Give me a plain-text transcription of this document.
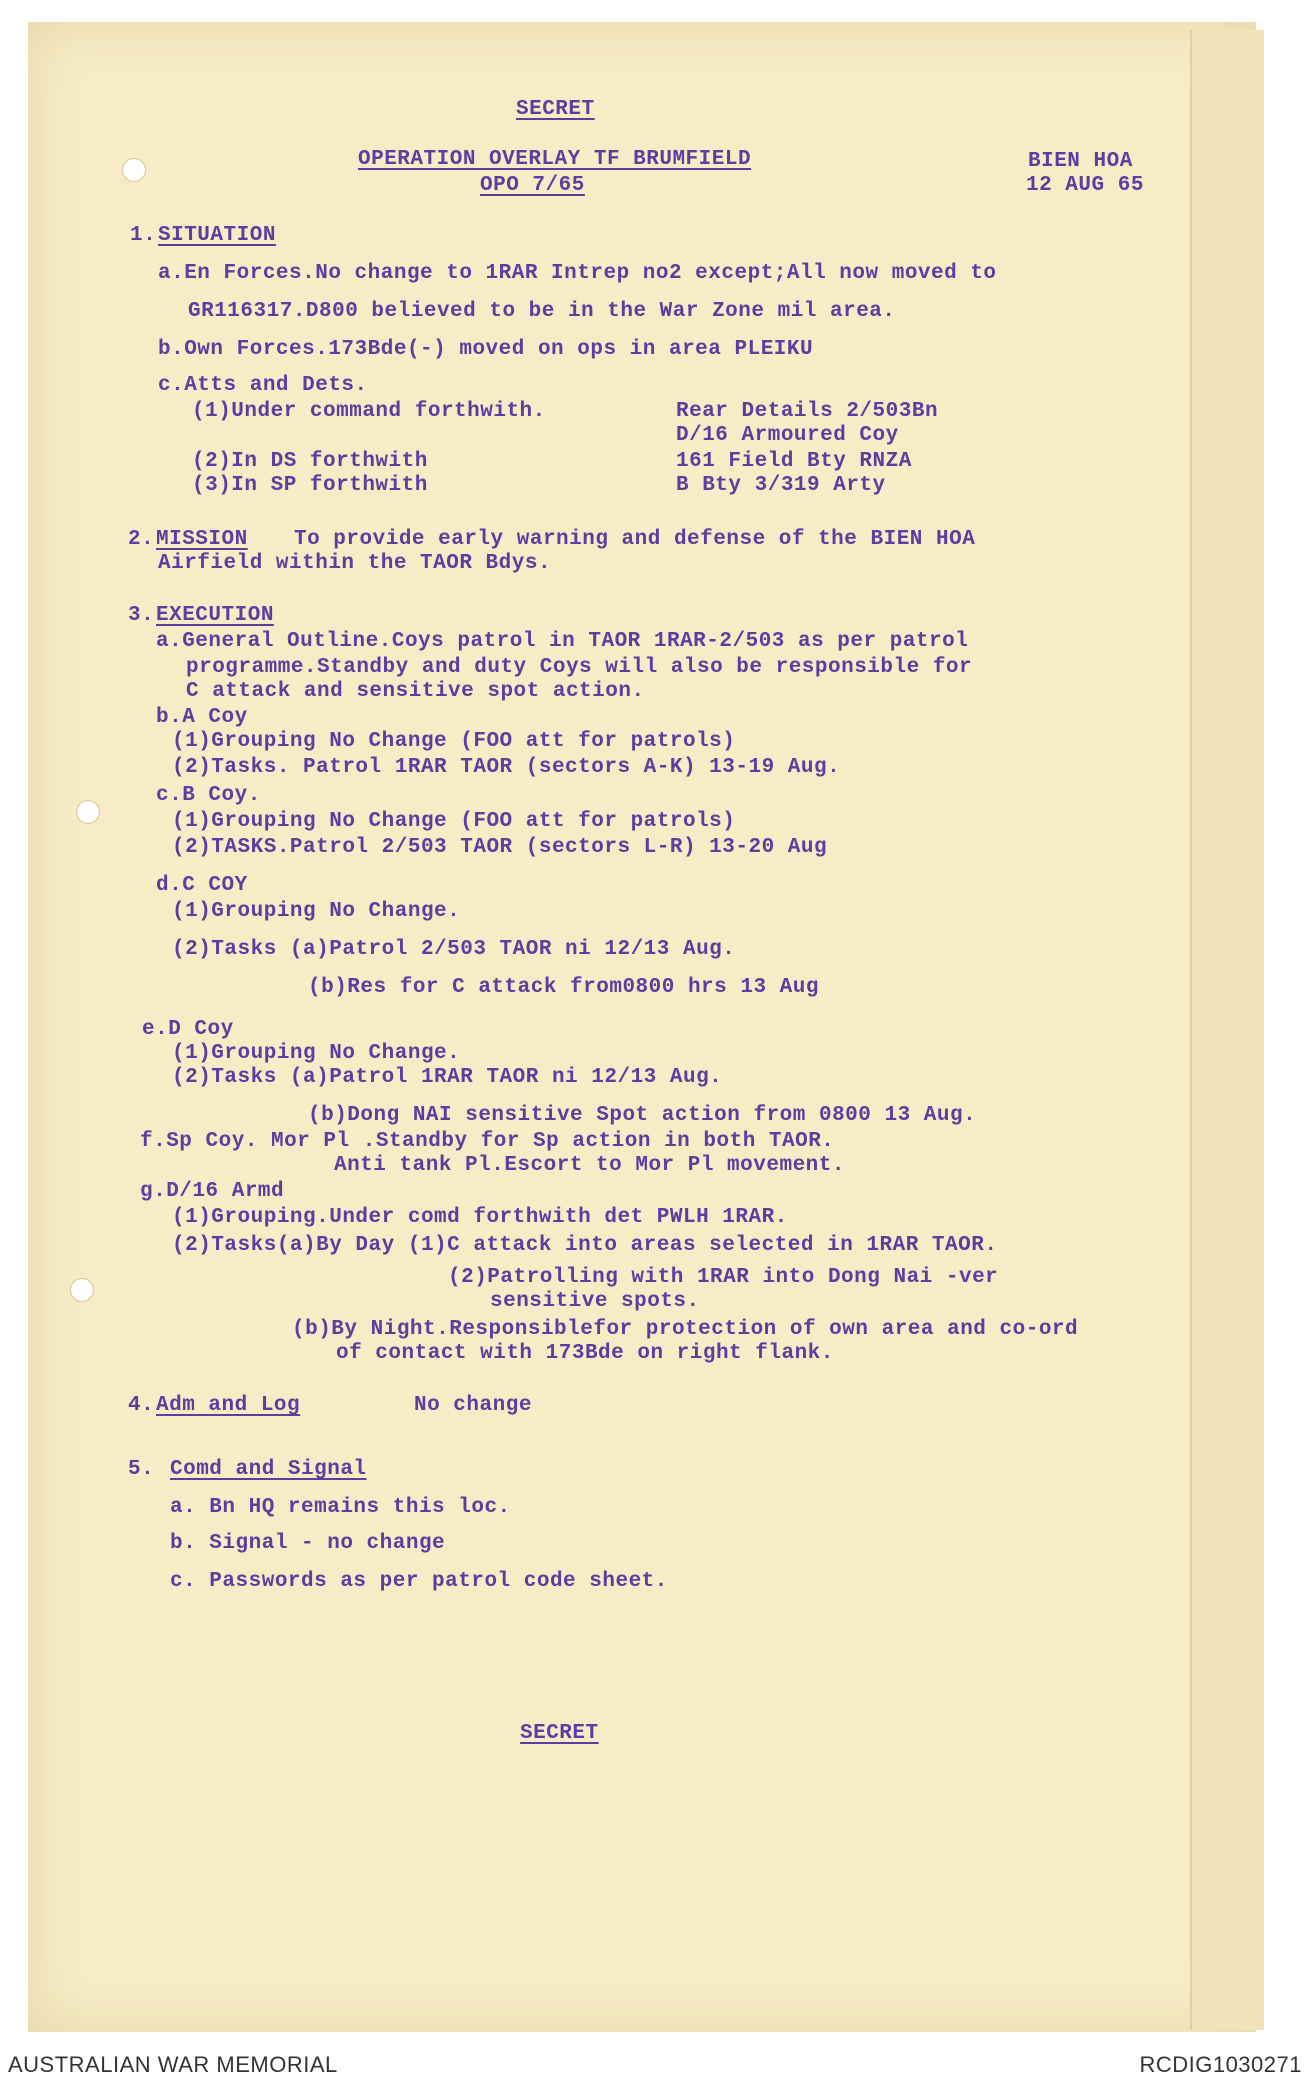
SECRET
OPERATION OVERLAY TF BRUMFIELD
OPO 7/65
BIEN HOA
12 AUG 65
1. SITUATION
a.En Forces.No change to 1RAR Intrep no2 except;All now moved to
GR116317.D800 believed to be in the War Zone mil area.
b.Own Forces.173Bde(-) moved on ops in area PLEIKU
c.Atts and Dets.
(1)Under command forthwith.	Rear Details 2/503Bn
D/16 Armoured Coy
(2)In DS forthwith	161 Field Bty RNZA
(3)In SP forthwith	B Bty 3/319 Arty
2. MISSION To provide early warning and defense of the BIEN HOA
Airfield within the TAOR Bdys.
3. EXECUTION
a.General Outline.Coys patrol in TAOR 1RAR-2/503 as per patrol
programme.Standby and duty Coys will also be responsible for
C attack and sensitive spot action.
b.A Coy
(1)Grouping No Change (FOO att for patrols)
(2)Tasks. Patrol 1RAR TAOR (sectors A-K) 13-19 Aug.
c.B Coy.
(1)Grouping No Change (FOO att for patrols)
(2)TASKS.Patrol 2/503 TAOR (sectors L-R) 13-20 Aug
d.C COY
(1)Grouping No Change.
(2)Tasks (a)Patrol 2/503 TAOR ni 12/13 Aug.
(b)Res for C attack from0800 hrs 13 Aug
e.D Coy
(1)Grouping No Change.
(2)Tasks (a)Patrol 1RAR TAOR ni 12/13 Aug.
(b)Dong NAI sensitive Spot action from 0800 13 Aug.
f.Sp Coy. Mor Pl .Standby for Sp action in both TAOR.
Anti tank Pl.Escort to Mor Pl movement.
g.D/16 Armd
(1)Grouping.Under comd forthwith det PWLH 1RAR.
(2)Tasks(a)By Day (1)C attack into areas selected in 1RAR TAOR.
(2)Patrolling with 1RAR into Dong Nai -ver
sensitive spots.
(b)By Night.Responsiblefor protection of own area and co-ord
of contact with 173Bde on right flank.
4. Adm and Log	No change
5. Comd and Signal
a. Bn HQ remains this loc.
b. Signal - no change
c. Passwords as per patrol code sheet.
SECRET
AUSTRALIAN WAR MEMORIAL	RCDIG1030271
